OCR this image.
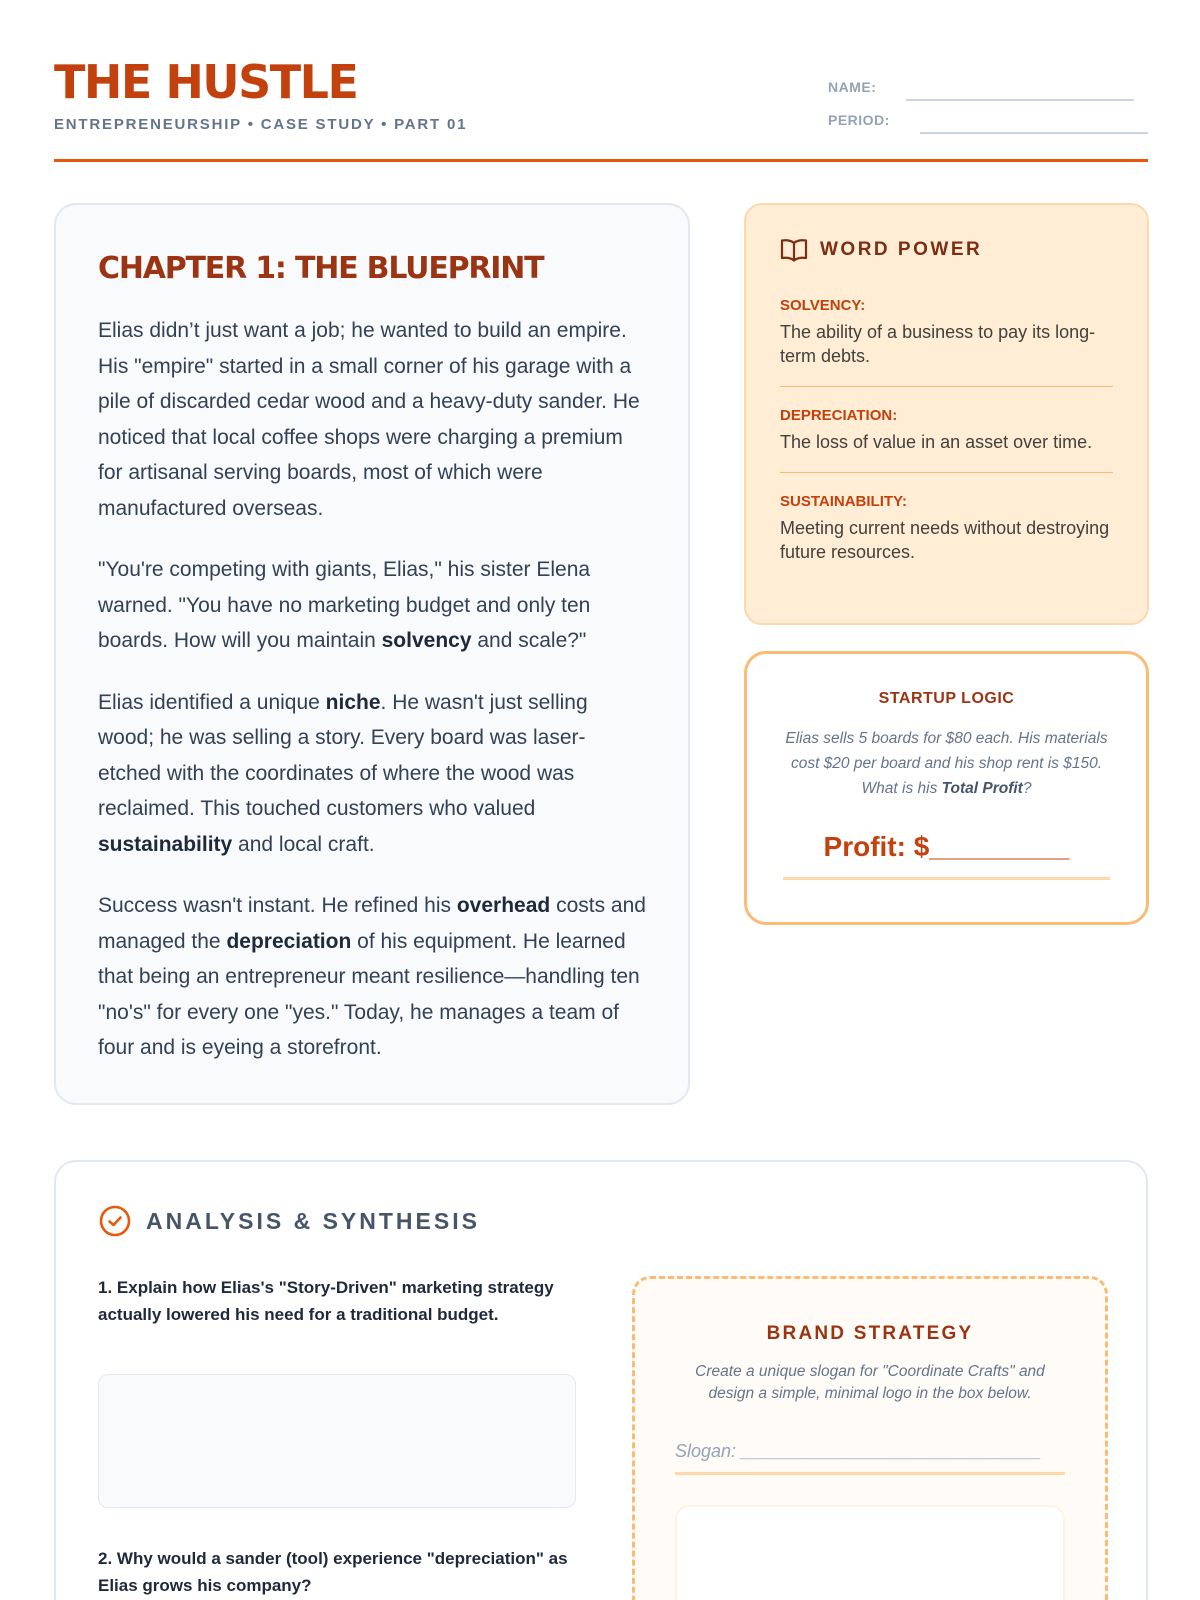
THE HUSTLE
ENTREPRENEURSHIP • CASE STUDY • PART 01
NAME:
PERIOD:
CHAPTER 1: THE BLUEPRINT

Elias didn’t just want a job; he wanted to build an empire. His "empire" started in a small corner of his garage with a pile of discarded cedar wood and a heavy-duty sander. He noticed that local coffee shops were charging a premium for artisanal serving boards, most of which were manufactured overseas.

"You're competing with giants, Elias," his sister Elena warned. "You have no marketing budget and only ten boards. How will you maintain solvency and scale?"

Elias identified a unique niche. He wasn't just selling wood; he was selling a story. Every board was laser-etched with the coordinates of where the wood was reclaimed. This touched customers who valued sustainability and local craft.

Success wasn't instant. He refined his overhead costs and managed the depreciation of his equipment. He learned that being an entrepreneur meant resilience—handling ten "no's" for every one "yes." Today, he manages a team of four and is eyeing a storefront.

WORD POWER
SOLVENCY:
The ability of a business to pay its long-term debts.
DEPRECIATION:
The loss of value in an asset over time.
SUSTAINABILITY:
Meeting current needs without destroying future resources.
STARTUP LOGIC
Elias sells 5 boards for $80 each. His materials cost $20 per board and his shop rent is $150. What is his Total Profit?
Profit: $_________
ANALYSIS & SYNTHESIS
1. Explain how Elias's "Story-Driven" marketing strategy actually lowered his need for a traditional budget.
2. Why would a sander (tool) experience "depreciation" as Elias grows his company?
BRAND STRATEGY
Create a unique slogan for "Coordinate Crafts" and design a simple, minimal logo in the box below.
Slogan: ______________________________
